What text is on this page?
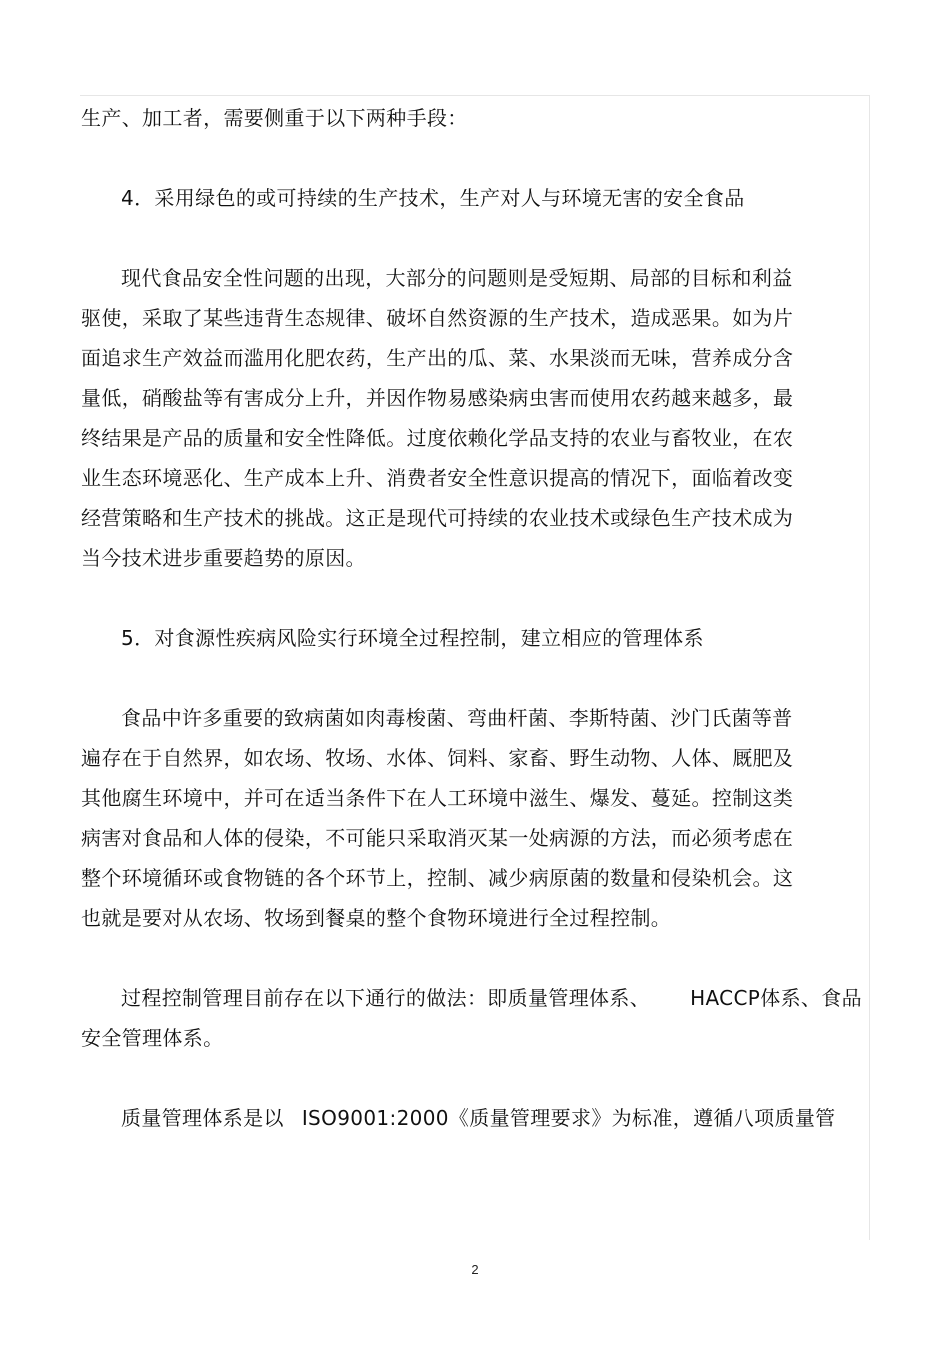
生产、加工者，需要侧重于以下两种手段：
4．采用绿色的或可持续的生产技术，生产对人与环境无害的安全食品
现代食品安全性问题的出现，大部分的问题则是受短期、局部的目标和利益
驱使，采取了某些违背生态规律、破坏自然资源的生产技术，造成恶果。如为片
面追求生产效益而滥用化肥农药，生产出的瓜、菜、水果淡而无味，营养成分含
量低，硝酸盐等有害成分上升，并因作物易感染病虫害而使用农药越来越多，最
终结果是产品的质量和安全性降低。过度依赖化学品支持的农业与畜牧业，在农
业生态环境恶化、生产成本上升、消费者安全性意识提高的情况下，面临着改变
经营策略和生产技术的挑战。这正是现代可持续的农业技术或绿色生产技术成为
当今技术进步重要趋势的原因。
5．对食源性疾病风险实行环境全过程控制，建立相应的管理体系
食品中许多重要的致病菌如肉毒梭菌、弯曲杆菌、李斯特菌、沙门氏菌等普
遍存在于自然界，如农场、牧场、水体、饲料、家畜、野生动物、人体、厩肥及
其他腐生环境中，并可在适当条件下在人工环境中滋生、爆发、蔓延。控制这类
病害对食品和人体的侵染，不可能只采取消灭某一处病源的方法，而必须考虑在
整个环境循环或食物链的各个环节上，控制、减少病原菌的数量和侵染机会。这
也就是要对从农场、牧场到餐桌的整个食物环境进行全过程控制。
过程控制管理目前存在以下通行的做法：即质量管理体系、 HACCP体系、食品
安全管理体系。
质量管理体系是以 ISO9001:2000《质量管理要求》为标准，遵循八项质量管
2
